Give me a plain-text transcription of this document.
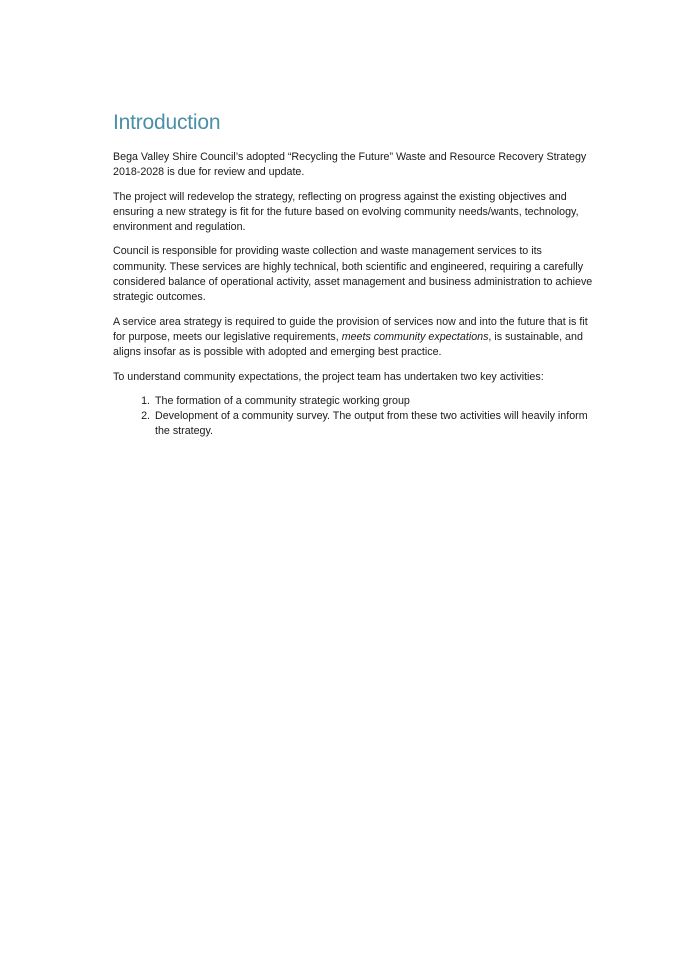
Introduction

Bega Valley Shire Council’s adopted “Recycling the Future” Waste and Resource Recovery Strategy 2018-2028 is due for review and update.

The project will redevelop the strategy, reflecting on progress against the existing objectives and ensuring a new strategy is fit for the future based on evolving community needs/wants, technology, environment and regulation.

Council is responsible for providing waste collection and waste management services to its community. These services are highly technical, both scientific and engineered, requiring a carefully considered balance of operational activity, asset management and business administration to achieve strategic outcomes.

A service area strategy is required to guide the provision of services now and into the future that is fit for purpose, meets our legislative requirements, meets community expectations, is sustainable, and aligns insofar as is possible with adopted and emerging best practice.

To understand community expectations, the project team has undertaken two key activities:

1. The formation of a community strategic working group
2. Development of a community survey. The output from these two activities will heavily inform the strategy.
